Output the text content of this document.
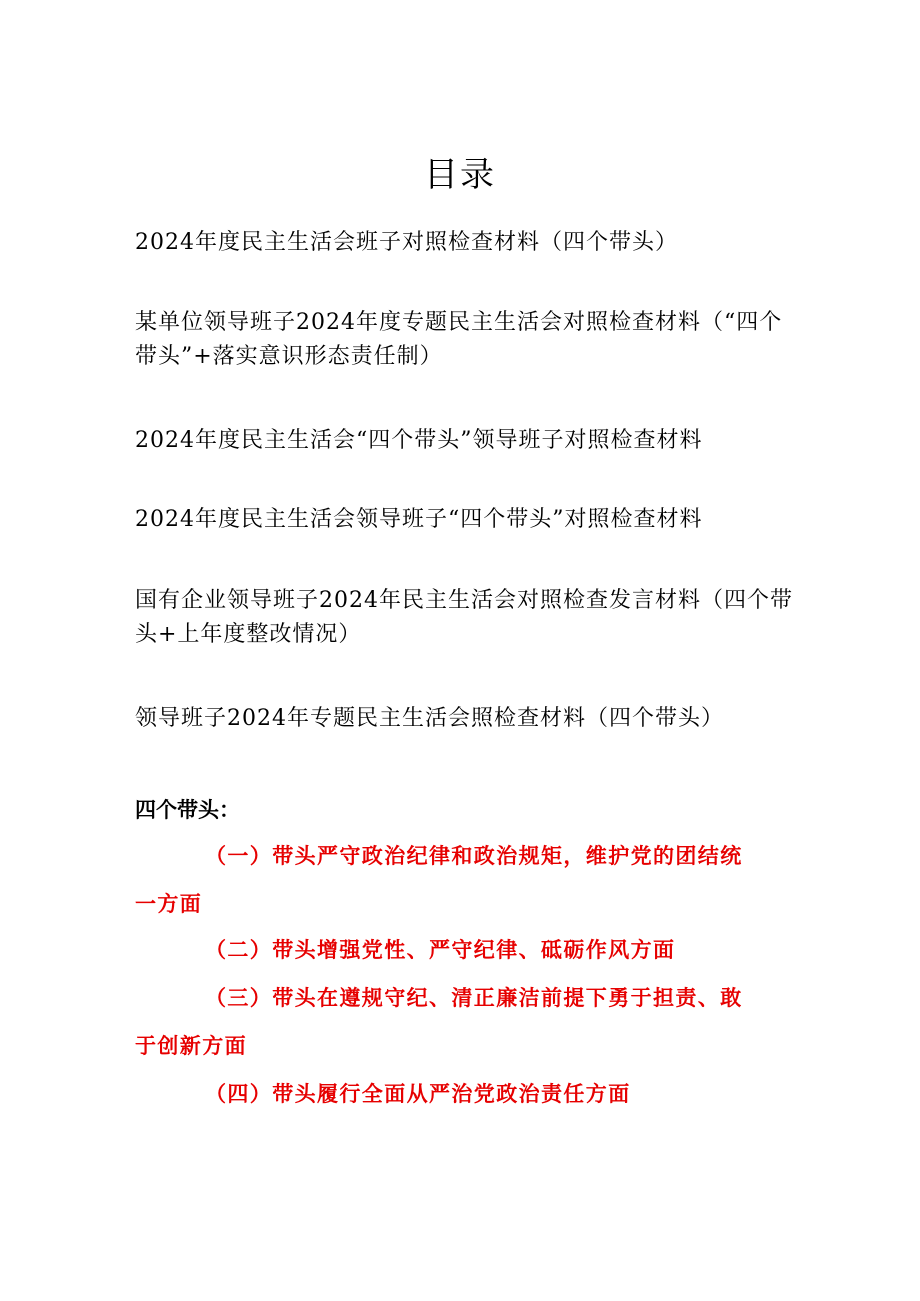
目录
2024年度民主生活会班子对照检查材料（四个带头）
某单位领导班子2024年度专题民主生活会对照检查材料（“四个带头”+落实意识形态责任制）
2024年度民主生活会“四个带头”领导班子对照检查材料
2024年度民主生活会领导班子“四个带头”对照检查材料
国有企业领导班子2024年民主生活会对照检查发言材料（四个带头+上年度整改情况）
领导班子2024年专题民主生活会照检查材料（四个带头）
四个带头：
（一）带头严守政治纪律和政治规矩，维护党的团结统一方面
（二）带头增强党性、严守纪律、砥砺作风方面
（三）带头在遵规守纪、清正廉洁前提下勇于担责、敢于创新方面
（四）带头履行全面从严治党政治责任方面
